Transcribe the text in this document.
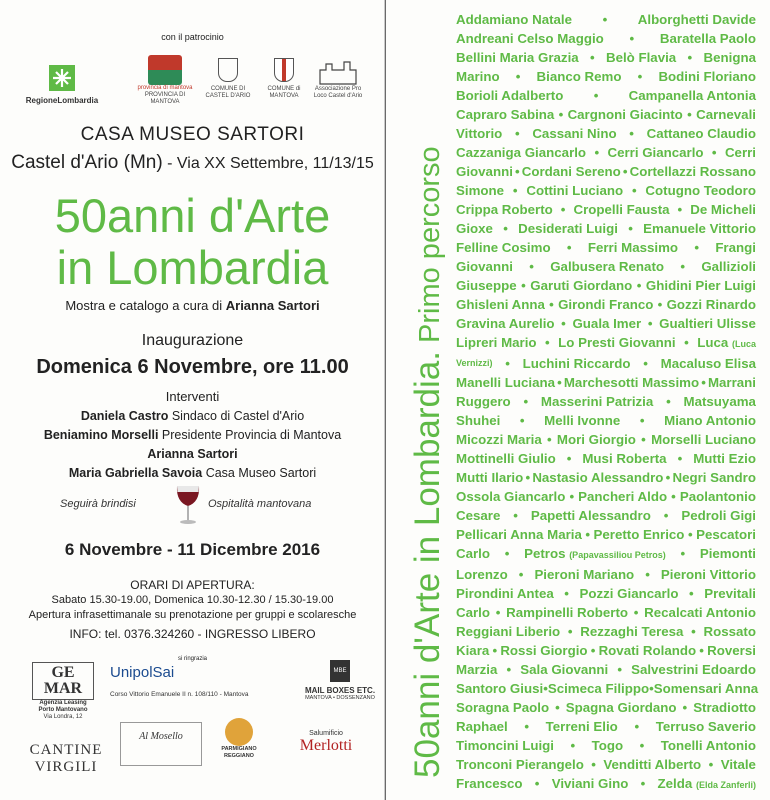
con il patrocinio
RegioneLombardia
provincia di mantova
PROVINCIA DI MANTOVA
COMUNE DI CASTEL D'ARIO
COMUNE di MANTOVA
Associazione Pro Loco Castel d'Ario
CASA MUSEO SARTORI
Castel d'Ario (Mn) - Via XX Settembre, 11/13/15
50anni d'Arte
in Lombardia
Mostra e catalogo a cura di Arianna Sartori
Inaugurazione
Domenica 6 Novembre, ore 11.00
Interventi
Daniela Castro Sindaco di Castel d'Ario
Beniamino Morselli Presidente Provincia di Mantova
Arianna Sartori
Maria Gabriella Savoia Casa Museo Sartori
Seguirà brindisi	Ospitalità mantovana
6 Novembre - 11 Dicembre 2016
ORARI DI APERTURA:
Sabato 15.30-19.00, Domenica 10.30-12.30 / 15.30-19.00
Apertura infrasettimanale su prenotazione per gruppi e scolaresche
INFO: tel. 0376.324260 - INGRESSO LIBERO
si ringrazia
GE MAR
Agenzia Leasing Porto Mantovano
Via Londra, 12
UnipolSai
Corso Vittorio Emanuele II n. 108/110 - Mantova
MBE
MAIL BOXES ETC.
MANTOVA • DOSSENZANO
CANTINE VIRGILI
Al Mosello
PARMIGIANO REGGIANO
Salumificio
Merlotti	50anni d'Arte in Lombardia. Primo percorso
Addamiano Natale • Alborghetti Davide
Andreani Celso Maggio • Baratella Paolo
Bellini Maria Grazia • Belò Flavia • Benigna
Marino • Bianco Remo • Bodini Floriano
Borioli Adalberto • Campanella Antonia
Capraro Sabina • Cargnoni Giacinto • Carnevali
Vittorio • Cassani Nino • Cattaneo Claudio
Cazzaniga Giancarlo • Cerri Giancarlo • Cerri
Giovanni • Cordani Sereno • Cortellazzi Rossano
Simone • Cottini Luciano • Cotugno Teodoro
Crippa Roberto • Cropelli Fausta • De Micheli
Gioxe • Desiderati Luigi • Emanuele Vittorio
Felline Cosimo • Ferri Massimo • Frangi
Giovanni • Galbusera Renato • Gallizioli
Giuseppe • Garuti Giordano • Ghidini Pier Luigi
Ghisleni Anna • Girondi Franco • Gozzi Rinardo
Gravina Aurelio • Guala Imer • Gualtieri Ulisse
Lipreri Mario • Lo Presti Giovanni • Luca (Luca
Vernizzi) • Luchini Riccardo • Macaluso Elisa
Manelli Luciana • Marchesotti Massimo • Marrani
Ruggero • Masserini Patrizia • Matsuyama
Shuhei • Melli Ivonne • Miano Antonio
Micozzi Maria • Mori Giorgio • Morselli Luciano
Mottinelli Giulio • Musi Roberta • Mutti Ezio
Mutti Ilario • Nastasio Alessandro • Negri Sandro
Ossola Giancarlo • Pancheri Aldo • Paolantonio
Cesare • Papetti Alessandro • Pedroli Gigi
Pellicari Anna Maria • Peretto Enrico • Pescatori
Carlo • Petros (Papavassiliou Petros) • Piemonti
Lorenzo • Pieroni Mariano • Pieroni Vittorio
Pirondini Antea • Pozzi Giancarlo • Previtali
Carlo • Rampinelli Roberto • Recalcati Antonio
Reggiani Liberio • Rezzaghi Teresa • Rossato
Kiara • Rossi Giorgio • Rovati Rolando • Roversi
Marzia • Sala Giovanni • Salvestrini Edoardo
Santoro Giusi • Scimeca Filippo • Somensari Anna
Soragna Paolo • Spagna Giordano • Stradiotto
Raphael • Terreni Elio • Terruso Saverio
Timoncini Luigi • Togo • Tonelli Antonio
Tronconi Pierangelo • Venditti Alberto • Vitale
Francesco • Viviani Gino • Zelda (Elda Zanferli)
